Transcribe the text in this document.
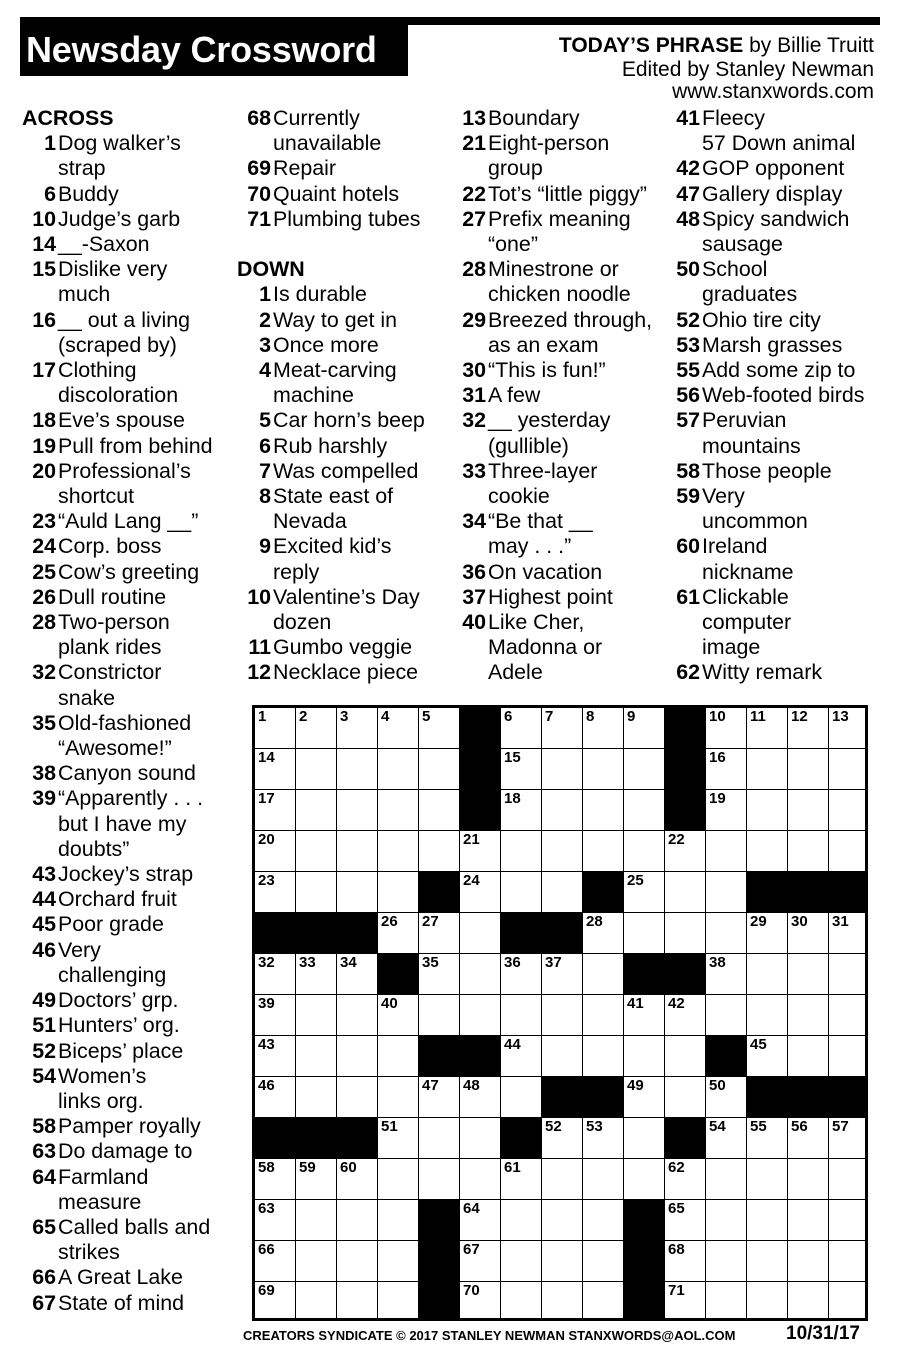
Newsday Crossword	TODAY’S PHRASE by Billie Truitt
Edited by Stanley Newman
www.stanxwords.com
ACROSS
1 Dog walker’s
strap
6 Buddy
10 Judge’s garb
14 __-Saxon
15 Dislike very
much
16 __ out a living
(scraped by)
17 Clothing
discoloration
18 Eve’s spouse
19 Pull from behind
20 Professional’s
shortcut
23 “Auld Lang __”
24 Corp. boss
25 Cow’s greeting
26 Dull routine
28 Two-person
plank rides
32 Constrictor
snake
35 Old-fashioned
“Awesome!”
38 Canyon sound
39 “Apparently . . .
but I have my
doubts”
43 Jockey’s strap
44 Orchard fruit
45 Poor grade
46 Very
challenging
49 Doctors’ grp.
51 Hunters’ org.
52 Biceps’ place
54 Women’s
links org.
58 Pamper royally
63 Do damage to
64 Farmland
measure
65 Called balls and
strikes
66 A Great Lake
67 State of mind
68 Currently
unavailable
69 Repair
70 Quaint hotels
71 Plumbing tubes
DOWN
1 Is durable
2 Way to get in
3 Once more
4 Meat-carving
machine
5 Car horn’s beep
6 Rub harshly
7 Was compelled
8 State east of
Nevada
9 Excited kid’s
reply
10 Valentine’s Day
dozen
11 Gumbo veggie
12 Necklace piece
13 Boundary
21 Eight-person
group
22 Tot’s “little piggy”
27 Prefix meaning
“one”
28 Minestrone or
chicken noodle
29 Breezed through,
as an exam
30 “This is fun!”
31 A few
32 __ yesterday
(gullible)
33 Three-layer
cookie
34 “Be that __
may . . .”
36 On vacation
37 Highest point
40 Like Cher,
Madonna or
Adele
41 Fleecy
57 Down animal
42 GOP opponent
47 Gallery display
48 Spicy sandwich
sausage
50 School
graduates
52 Ohio tire city
53 Marsh grasses
55 Add some zip to
56 Web-footed birds
57 Peruvian
mountains
58 Those people
59 Very
uncommon
60 Ireland
nickname
61 Clickable
computer
image
62 Witty remark
1 2 3 4 5	6 7 8 9	10 11 12 13
14	15	16
17	18	19
20	21	22
23	24	25
26 27	28	29 30 31
32 33 34	35	36 37	38
39	40	41 42
43	44	45
46	47 48	49	50
51	52 53	54 55 56 57
58 59 60	61	62
63	64	65
66	67	68
69	70	71
CREATORS SYNDICATE © 2017 STANLEY NEWMAN STANXWORDS@AOL.COM	10/31/17
